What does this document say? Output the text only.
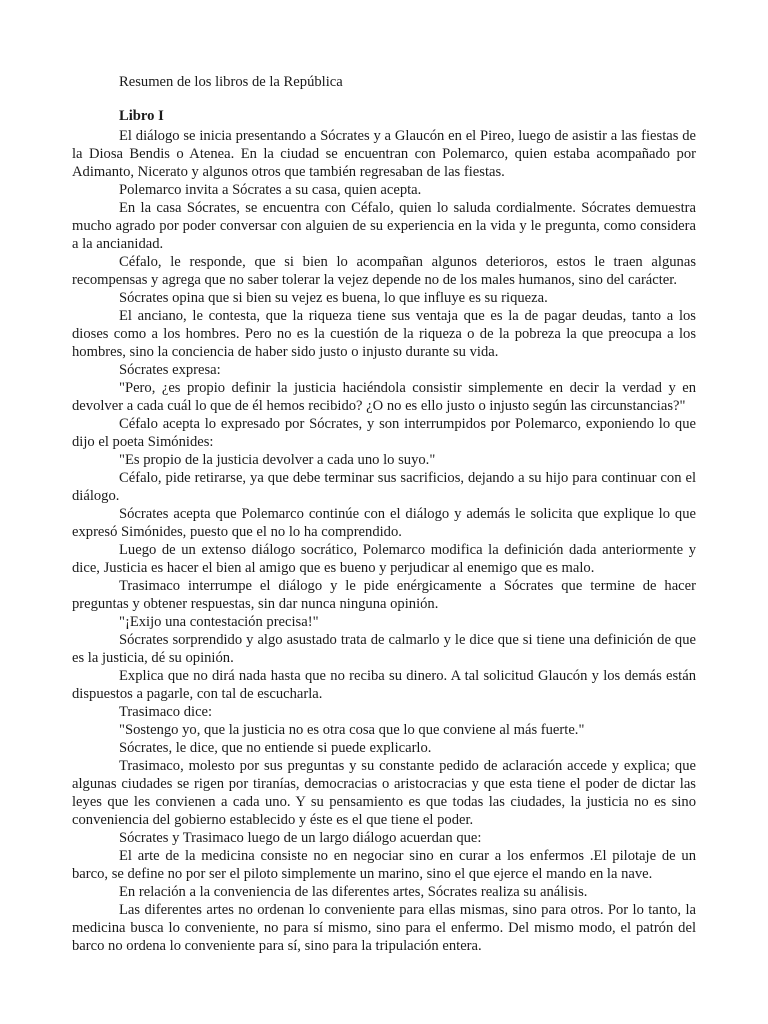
Resumen de los libros de la República
Libro I

El diálogo se inicia presentando a Sócrates y a Glaucón en el Pireo, luego de asistir a las fiestas de la Diosa Bendis o Atenea. En la ciudad se encuentran con Polemarco, quien estaba acompañado por Adimanto, Nicerato y algunos otros que también regresaban de las fiestas.

Polemarco invita a Sócrates a su casa, quien acepta.

En la casa Sócrates, se encuentra con Céfalo, quien lo saluda cordialmente. Sócrates demuestra mucho agrado por poder conversar con alguien de su experiencia en la vida y le pregunta, como considera a la ancianidad.

Céfalo, le responde, que si bien lo acompañan algunos deterioros, estos le traen algunas recompensas y agrega que no saber tolerar la vejez depende no de los males humanos, sino del carácter.

Sócrates opina que si bien su vejez es buena, lo que influye es su riqueza.

El anciano, le contesta, que la riqueza tiene sus ventaja que es la de pagar deudas, tanto a los dioses como a los hombres. Pero no es la cuestión de la riqueza o de la pobreza la que preocupa a los hombres, sino la conciencia de haber sido justo o injusto durante su vida.

Sócrates expresa:

"Pero, ¿es propio definir la justicia haciéndola consistir simplemente en decir la verdad y en devolver a cada cuál lo que de él hemos recibido? ¿O no es ello justo o injusto según las circunstancias?"

Céfalo acepta lo expresado por Sócrates, y son interrumpidos por Polemarco, exponiendo lo que dijo el poeta Simónides:

"Es propio de la justicia devolver a cada uno lo suyo."

Céfalo, pide retirarse, ya que debe terminar sus sacrificios, dejando a su hijo para continuar con el diálogo.

Sócrates acepta que Polemarco continúe con el diálogo y además le solicita que explique lo que expresó Simónides, puesto que el no lo ha comprendido.

Luego de un extenso diálogo socrático, Polemarco modifica la definición dada anteriormente y dice, Justicia es hacer el bien al amigo que es bueno y perjudicar al enemigo que es malo.

Trasimaco interrumpe el diálogo y le pide enérgicamente a Sócrates que termine de hacer preguntas y obtener respuestas, sin dar nunca ninguna opinión.

"¡Exijo una contestación precisa!"

Sócrates sorprendido y algo asustado trata de calmarlo y le dice que si tiene una definición de que es la justicia, dé su opinión.

Explica que no dirá nada hasta que no reciba su dinero. A tal solicitud Glaucón y los demás están dispuestos a pagarle, con tal de escucharla.

Trasimaco dice:

"Sostengo yo, que la justicia no es otra cosa que lo que conviene al más fuerte."

Sócrates, le dice, que no entiende si puede explicarlo.

Trasimaco, molesto por sus preguntas y su constante pedido de aclaración accede y explica; que algunas ciudades se rigen por tiranías, democracias o aristocracias y que esta tiene el poder de dictar las leyes que les convienen a cada uno. Y su pensamiento es que todas las ciudades, la justicia no es sino conveniencia del gobierno establecido y éste es el que tiene el poder.

Sócrates y Trasimaco luego de un largo diálogo acuerdan que:

El arte de la medicina consiste no en negociar sino en curar a los enfermos .El pilotaje de un barco, se define no por ser el piloto simplemente un marino, sino el que ejerce el mando en la nave.

En relación a la conveniencia de las diferentes artes, Sócrates realiza su análisis.

Las diferentes artes no ordenan lo conveniente para ellas mismas, sino para otros. Por lo tanto, la medicina busca lo conveniente, no para sí mismo, sino para el enfermo. Del mismo modo, el patrón del barco no ordena lo conveniente para sí, sino para la tripulación entera.
